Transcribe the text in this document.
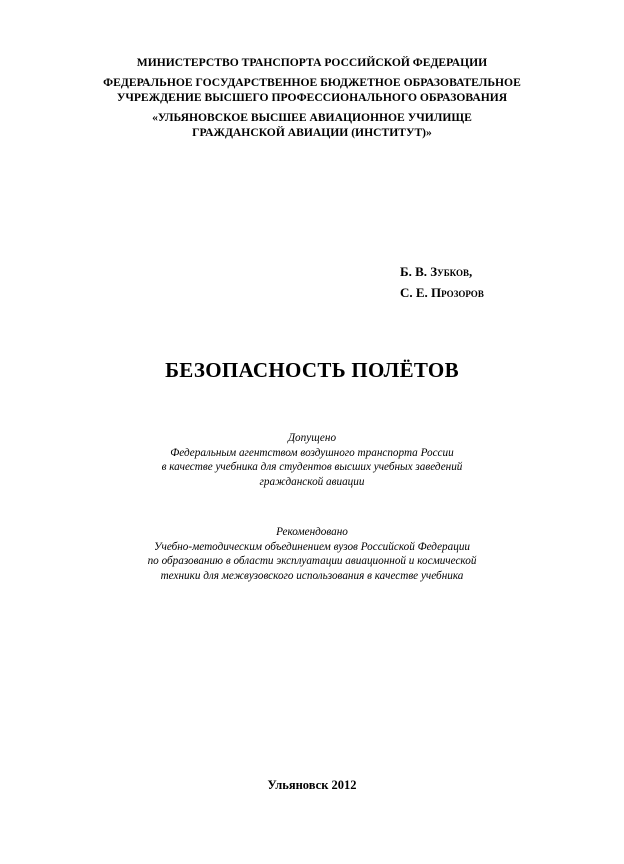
МИНИСТЕРСТВО ТРАНСПОРТА РОССИЙСКОЙ ФЕДЕРАЦИИ
ФЕДЕРАЛЬНОЕ ГОСУДАРСТВЕННОЕ БЮДЖЕТНОЕ ОБРАЗОВАТЕЛЬНОЕ
УЧРЕЖДЕНИЕ ВЫСШЕГО ПРОФЕССИОНАЛЬНОГО ОБРАЗОВАНИЯ
«УЛЬЯНОВСКОЕ ВЫСШЕЕ АВИАЦИОННОЕ УЧИЛИЩЕ
ГРАЖДАНСКОЙ АВИАЦИИ (ИНСТИТУТ)»
Б. В. Зубков,
С. Е. Прозоров
БЕЗОПАСНОСТЬ ПОЛЁТОВ
Допущено
Федеральным агентством воздушного транспорта России
в качестве учебника для студентов высших учебных заведений
гражданской авиации
Рекомендовано
Учебно-методическим объединением вузов Российской Федерации
по образованию в области эксплуатации авиационной и космической
техники для межвузовского использования в качестве учебника
Ульяновск 2012
